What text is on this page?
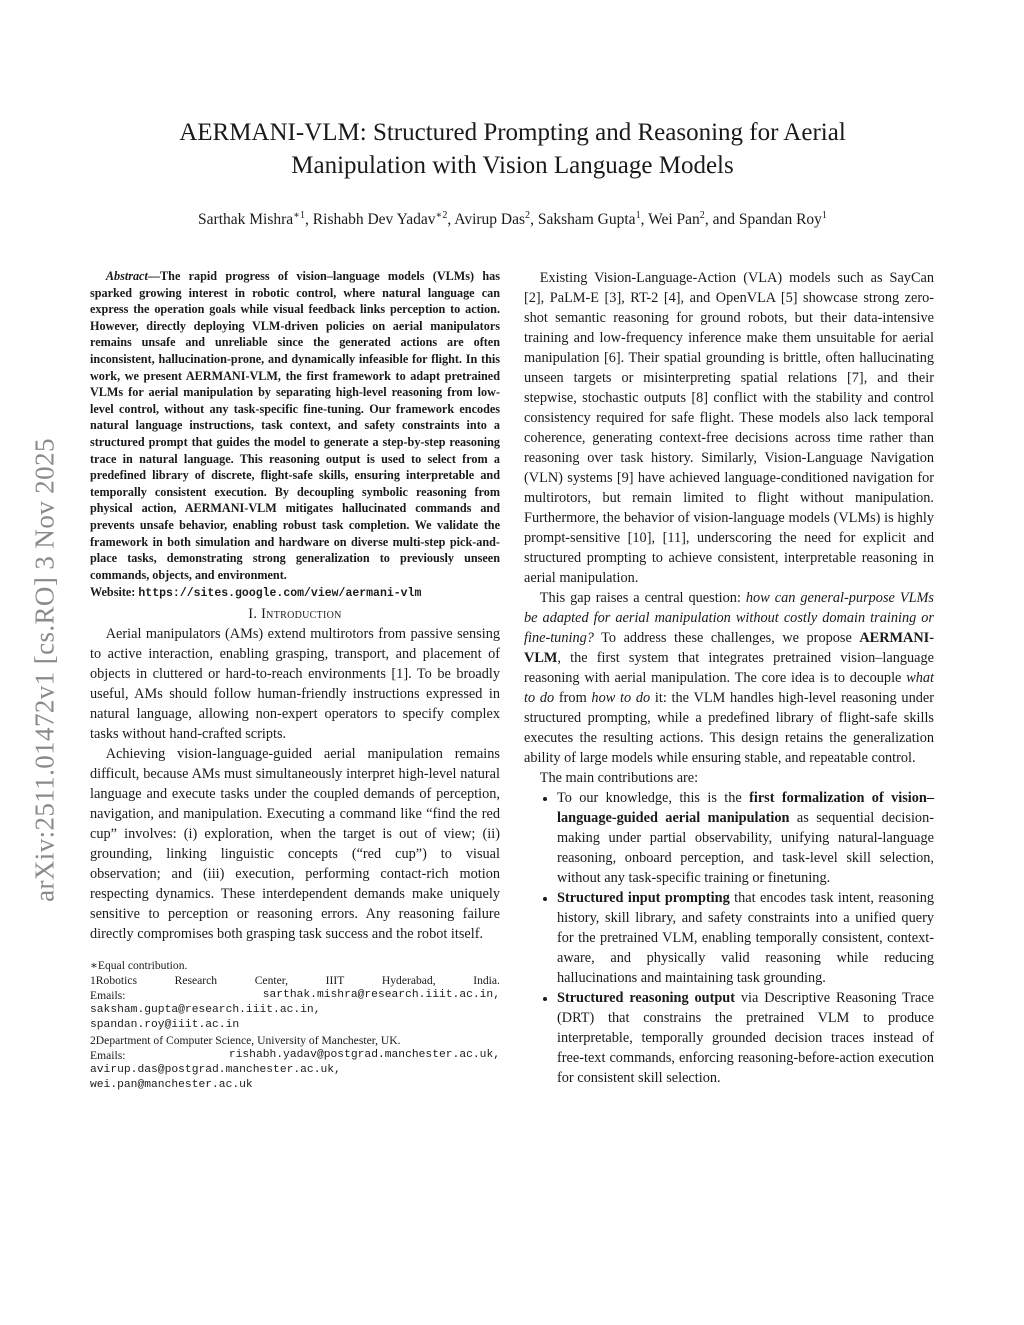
arXiv:2511.01472v1 [cs.RO] 3 Nov 2025
AERMANI-VLM: Structured Prompting and Reasoning for Aerial
Manipulation with Vision Language Models
Sarthak Mishra$^{∗1}$, Rishabh Dev Yadav$^{∗2}$, Avirup Das$^2$, Saksham Gupta$^1$, Wei Pan$^2$, and Spandan Roy$^1$

Abstract—The rapid progress of vision–language models (VLMs) has sparked growing interest in robotic control, where natural language can express the operation goals while visual feedback links perception to action. However, directly deploying VLM-driven policies on aerial manipulators remains unsafe and unreliable since the generated actions are often inconsistent, hallucination-prone, and dynamically infeasible for flight. In this work, we present AERMANI-VLM, the first framework to adapt pretrained VLMs for aerial manipulation by separating high-level reasoning from low-level control, without any task-specific fine-tuning. Our framework encodes natural language instructions, task context, and safety constraints into a structured prompt that guides the model to generate a step-by-step reasoning trace in natural language. This reasoning output is used to select from a predefined library of discrete, flight-safe skills, ensuring interpretable and temporally consistent execution. By decoupling symbolic reasoning from physical action, AERMANI-VLM mitigates hallucinated commands and prevents unsafe behavior, enabling robust task completion. We validate the framework in both simulation and hardware on diverse multi-step pick-and-place tasks, demonstrating strong generalization to previously unseen commands, objects, and environment.

Website: https://sites.google.com/view/aermani-vlm
I. Introduction

Aerial manipulators (AMs) extend multirotors from passive sensing to active interaction, enabling grasping, transport, and placement of objects in cluttered or hard-to-reach environments [1]. To be broadly useful, AMs should follow human-friendly instructions expressed in natural language, allowing non-expert operators to specify complex tasks without hand-crafted scripts.

Achieving vision-language-guided aerial manipulation remains difficult, because AMs must simultaneously interpret high-level natural language and execute tasks under the coupled demands of perception, navigation, and manipulation. Executing a command like “find the red cup” involves: (i) exploration, when the target is out of view; (ii) grounding, linking linguistic concepts (“red cup”) to visual observation; and (iii) execution, performing contact-rich motion respecting dynamics. These interdependent demands make uniquely sensitive to perception or reasoning errors. Any reasoning failure directly compromises both grasping task success and the robot itself.

∗Equal contribution.
1Robotics	Research	Center,	IIIT	Hyderabad,	India.
Emails:	sarthak.mishra@research.iiit.ac.in,
saksham.gupta@research.iiit.ac.in,
spandan.roy@iiit.ac.in
2Department of Computer Science, University of Manchester, UK.
Emails:	rishabh.yadav@postgrad.manchester.ac.uk,
avirup.das@postgrad.manchester.ac.uk,
wei.pan@manchester.ac.uk

Existing Vision-Language-Action (VLA) models such as SayCan [2], PaLM-E [3], RT-2 [4], and OpenVLA [5] showcase strong zero-shot semantic reasoning for ground robots, but their data-intensive training and low-frequency inference make them unsuitable for aerial manipulation [6]. Their spatial grounding is brittle, often hallucinating unseen targets or misinterpreting spatial relations [7], and their stepwise, stochastic outputs [8] conflict with the stability and control consistency required for safe flight. These models also lack temporal coherence, generating context-free decisions across time rather than reasoning over task history. Similarly, Vision-Language Navigation (VLN) systems [9] have achieved language-conditioned navigation for multirotors, but remain limited to flight without manipulation. Furthermore, the behavior of vision-language models (VLMs) is highly prompt-sensitive [10], [11], underscoring the need for explicit and structured prompting to achieve consistent, interpretable reasoning in aerial manipulation.

This gap raises a central question: how can general-purpose VLMs be adapted for aerial manipulation without costly domain training or fine-tuning? To address these challenges, we propose AERMANI-VLM, the first system that integrates pretrained vision–language reasoning with aerial manipulation. The core idea is to decouple what to do from how to do it: the VLM handles high-level reasoning under structured prompting, while a predefined library of flight-safe skills executes the resulting actions. This design retains the generalization ability of large models while ensuring stable, and repeatable control.

The main contributions are:

• To our knowledge, this is the first formalization of vision–language-guided aerial manipulation as sequential decision-making under partial observability, unifying natural-language reasoning, onboard perception, and task-level skill selection, without any task-specific training or finetuning.
• Structured input prompting that encodes task intent, reasoning history, skill library, and safety constraints into a unified query for the pretrained VLM, enabling temporally consistent, context-aware, and physically valid reasoning while reducing hallucinations and maintaining task grounding.
• Structured reasoning output via Descriptive Reasoning Trace (DRT) that constrains the pretrained VLM to produce interpretable, temporally grounded decision traces instead of free-text commands, enforcing reasoning-before-action execution for consistent skill selection.
